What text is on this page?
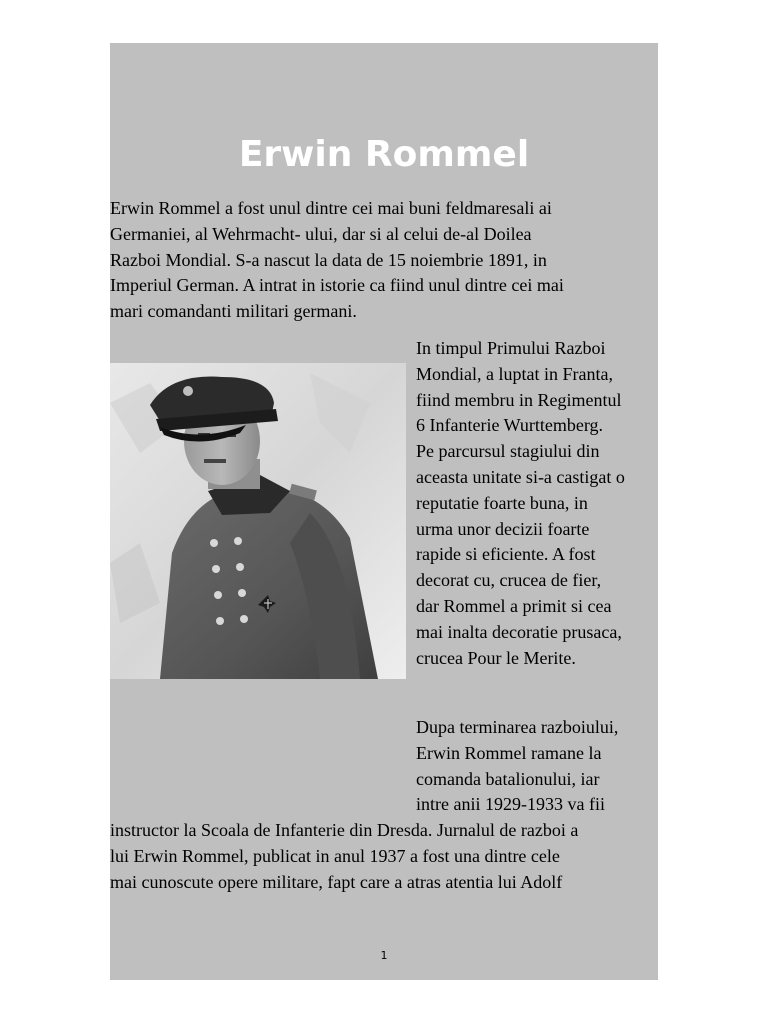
Erwin Rommel

Erwin Rommel a fost unul dintre cei mai buni feldmaresali ai
Germaniei, al Wehrmacht- ului, dar si al celui de-al Doilea
Razboi Mondial. S-a nascut la data de 15 noiembrie 1891, in
Imperiul German. A intrat in istorie ca fiind unul dintre cei mai
mari comandanti militari germani.

In timpul Primului Razboi
Mondial, a luptat in Franta,
fiind membru in Regimentul
6 Infanterie Wurttemberg.
Pe parcursul stagiului din
aceasta unitate si-a castigat o
reputatie foarte buna, in
urma unor decizii foarte
rapide si eficiente. A fost
decorat cu, crucea de fier,
dar Rommel a primit si cea
mai inalta decoratie prusaca,
crucea Pour le Merite.

Dupa terminarea razboiului,
Erwin Rommel ramane la
comanda batalionului, iar
intre anii 1929-1933 va fii

instructor la Scoala de Infanterie din Dresda. Jurnalul de razboi a
lui Erwin Rommel, publicat in anul 1937 a fost una dintre cele
mai cunoscute opere militare, fapt care a atras atentia lui Adolf

1
